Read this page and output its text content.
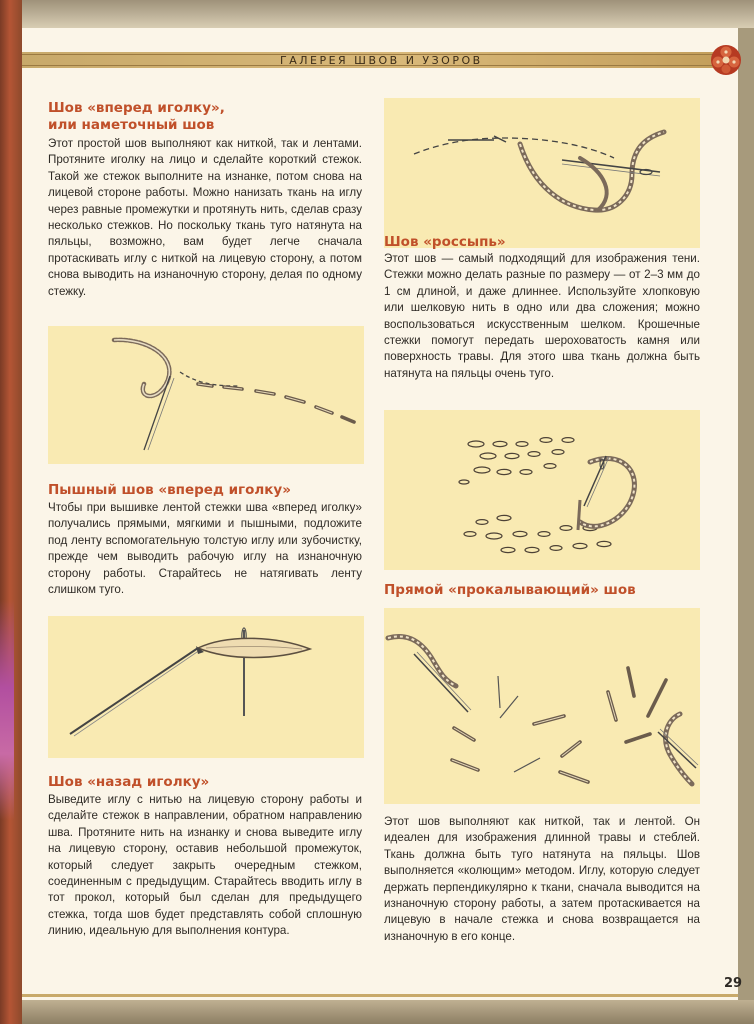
ГАЛЕРЕЯ ШВОВ И УЗОРОВ
Шов «вперед иголку»,
или наметочный шов
Этот простой шов выполняют как ниткой, так и лентами. Протяните иголку на лицо и сделайте короткий стежок. Такой же стежок выполните на изнанке, потом снова на лицевой стороне работы. Можно нанизать ткань на иглу через равные промежутки и протянуть нить, сделав сразу несколько стежков. Но поскольку ткань туго натянута на пяльцы, возможно, вам будет легче сначала протаскивать иглу с ниткой на лицевую сторону, а потом снова выводить на изнаночную сторону, делая по одному стежку.
Пышный шов «вперед иголку»
Чтобы при вышивке лентой стежки шва «вперед иголку» получались прямыми, мягкими и пышными, подложите под ленту вспомогательную толстую иглу или зубочистку, прежде чем выводить рабочую иглу на изнаночную сторону работы. Старайтесь не натягивать ленту слишком туго.
Шов «назад иголку»
Выведите иглу с нитью на лицевую сторону работы и сделайте стежок в направлении, обратном направлению шва. Протяните нить на изнанку и снова выведите иглу на лицевую сторону, оставив небольшой промежуток, который следует закрыть очередным стежком, соединенным с предыдущим. Старайтесь вводить иглу в тот прокол, который был сделан для предыдущего стежка, тогда шов будет представлять собой сплошную линию, идеальную для выполнения контура.
Шов «россыпь»
Этот шов — самый подходящий для изображения тени. Стежки можно делать разные по размеру — от 2–3 мм до 1 см длиной, и даже длиннее. Используйте хлопковую или шелковую нить в одно или два сложения; можно воспользоваться искусственным шелком. Крошечные стежки помогут передать шероховатость камня или поверхность травы. Для этого шва ткань должна быть натянута на пяльцы очень туго.
Прямой «прокалывающий» шов
Этот шов выполняют как ниткой, так и лентой. Он идеален для изображения длинной травы и стеблей. Ткань должна быть туго натянута на пяльцы. Шов выполняется «колющим» методом. Иглу, которую следует держать перпендикулярно к ткани, сначала выводится на изнаночную сторону работы, а затем протаскивается на лицевую в начале стежка и снова возвращается на изнаночную в его конце.
29
